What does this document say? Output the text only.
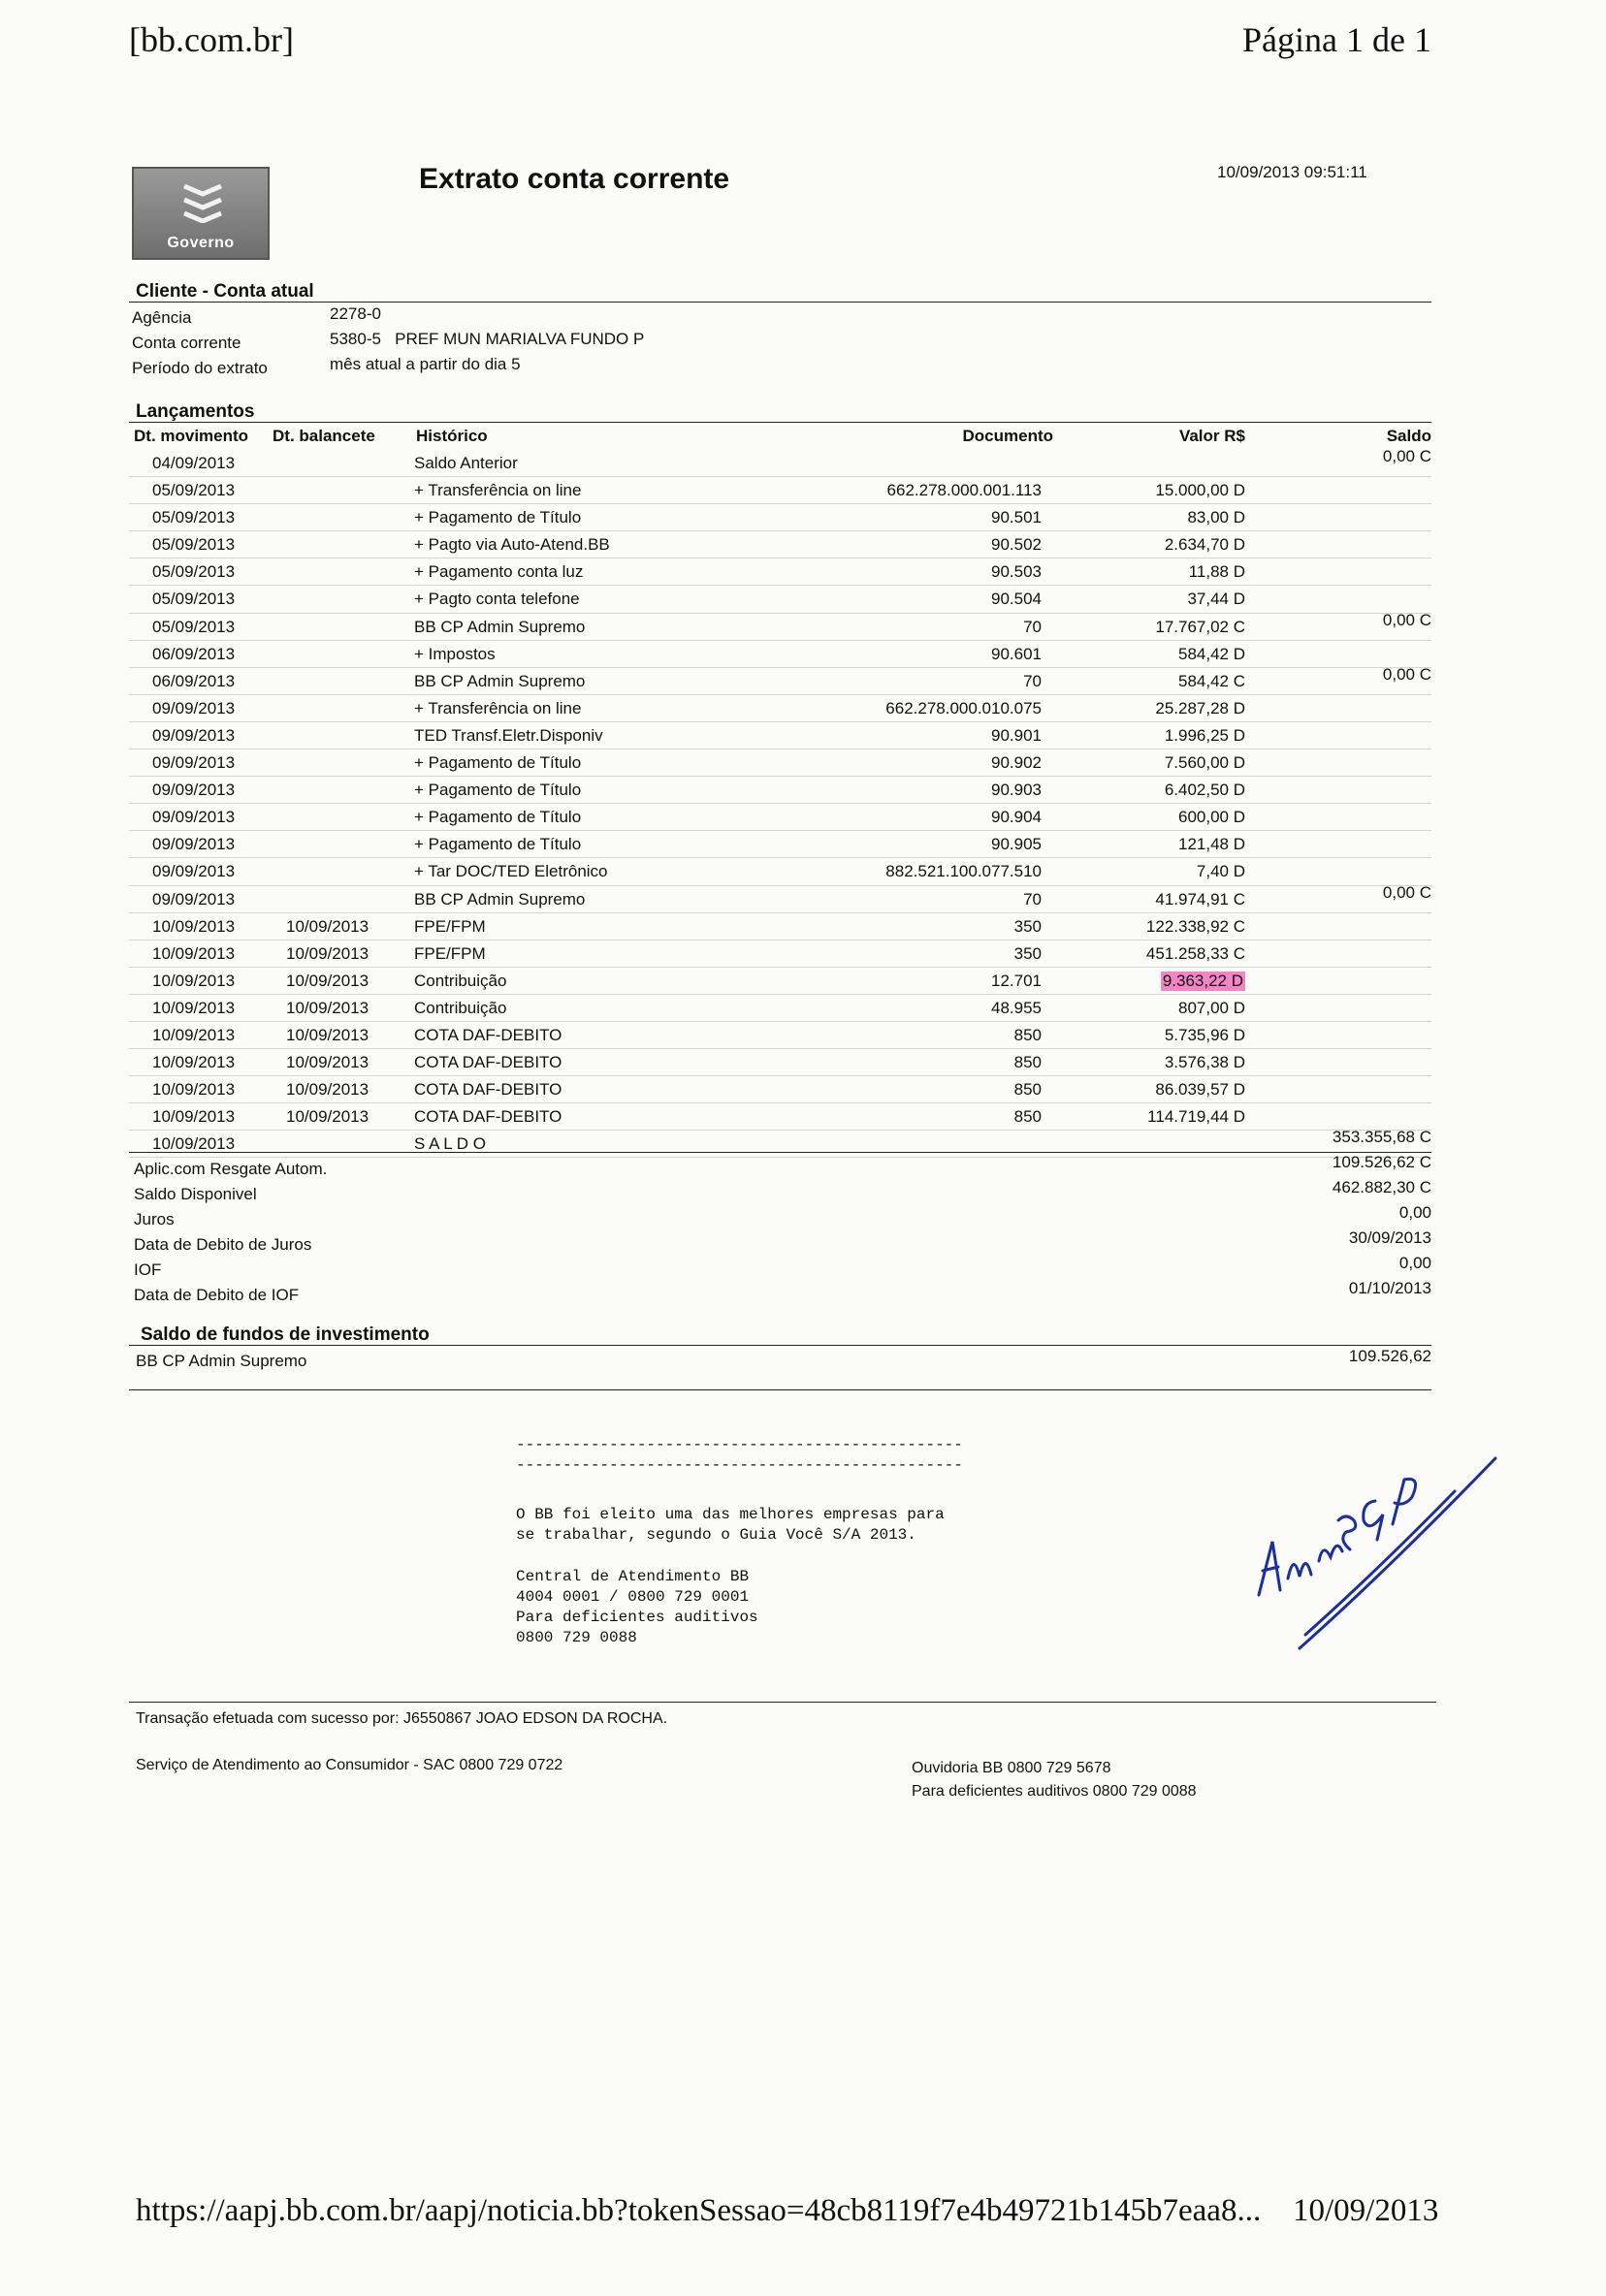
[bb.com.br]	Página 1 de 1
Governo
Extrato conta corrente	10/09/2013 09:51:11
Cliente - Conta atual
Agência	2278-0
Conta corrente	5380-5   PREF MUN MARIALVA FUNDO P
Período do extrato	mês atual a partir do dia 5
Lançamentos
Dt. movimento Dt. balancete Histórico	Documento	Valor R$	Saldo
04/09/2013	Saldo Anterior	0,00 C
05/09/2013	+ Transferência on line	662.278.000.001.113	15.000,00 D
05/09/2013	+ Pagamento de Título	90.501	83,00 D
05/09/2013	+ Pagto via Auto-Atend.BB	90.502	2.634,70 D
05/09/2013	+ Pagamento conta luz	90.503	11,88 D
05/09/2013	+ Pagto conta telefone	90.504	37,44 D
05/09/2013	BB CP Admin Supremo	70	17.767,02 C	0,00 C
06/09/2013	+ Impostos	90.601	584,42 D
06/09/2013	BB CP Admin Supremo	70	584,42 C	0,00 C
09/09/2013	+ Transferência on line	662.278.000.010.075	25.287,28 D
09/09/2013	TED Transf.Eletr.Disponiv	90.901	1.996,25 D
09/09/2013	+ Pagamento de Título	90.902	7.560,00 D
09/09/2013	+ Pagamento de Título	90.903	6.402,50 D
09/09/2013	+ Pagamento de Título	90.904	600,00 D
09/09/2013	+ Pagamento de Título	90.905	121,48 D
09/09/2013	+ Tar DOC/TED Eletrônico	882.521.100.077.510	7,40 D
09/09/2013	BB CP Admin Supremo	70	41.974,91 C	0,00 C
10/09/2013	10/09/2013	FPE/FPM	350	122.338,92 C
10/09/2013	10/09/2013	FPE/FPM	350	451.258,33 C
10/09/2013	10/09/2013	Contribuição	12.701	9.363,22 D
10/09/2013	10/09/2013	Contribuição	48.955	807,00 D
10/09/2013	10/09/2013	COTA DAF-DEBITO	850	5.735,96 D
10/09/2013	10/09/2013	COTA DAF-DEBITO	850	3.576,38 D
10/09/2013	10/09/2013	COTA DAF-DEBITO	850	86.039,57 D
10/09/2013	10/09/2013	COTA DAF-DEBITO	850	114.719,44 D
10/09/2013	S A L D O	353.355,68 C
Aplic.com Resgate Autom.	109.526,62 C
Saldo Disponivel	462.882,30 C
Juros	0,00
Data de Debito de Juros	30/09/2013
IOF	0,00
Data de Debito de IOF	01/10/2013
Saldo de fundos de investimento
BB CP Admin Supremo	109.526,62
------------------------------------------------
------------------------------------------------
O BB foi eleito uma das melhores empresas para
se trabalhar, segundo o Guia Você S/A 2013.
Central de Atendimento BB
4004 0001 / 0800 729 0001
Para deficientes auditivos
0800 729 0088
Transação efetuada com sucesso por: J6550867 JOAO EDSON DA ROCHA.
Serviço de Atendimento ao Consumidor - SAC 0800 729 0722	Ouvidoria BB 0800 729 5678
Para deficientes auditivos 0800 729 0088
https://aapj.bb.com.br/aapj/noticia.bb?tokenSessao=48cb8119f7e4b49721b145b7eaa8... 10/09/2013
